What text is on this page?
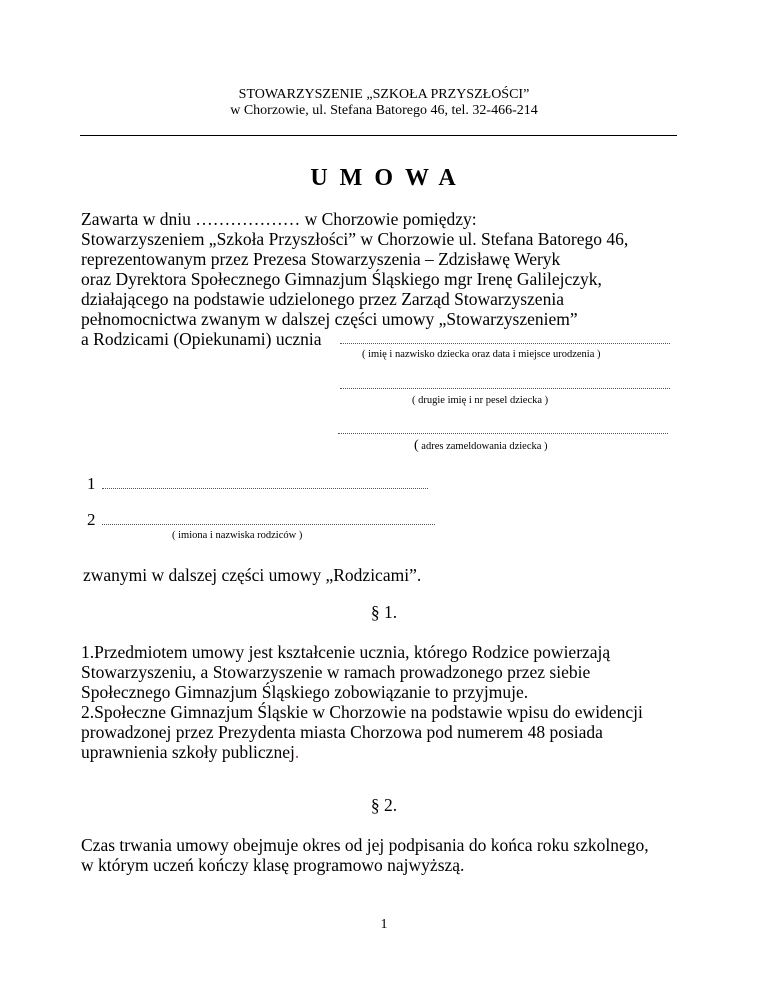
STOWARZYSZENIE „SZKOŁA PRZYSZŁOŚCI”
w Chorzowie, ul. Stefana Batorego 46, tel. 32-466-214
UMOWA
Zawarta w dniu ……………… w Chorzowie pomiędzy:
Stowarzyszeniem „Szkoła Przyszłości” w Chorzowie ul. Stefana Batorego 46,
reprezentowanym przez Prezesa Stowarzyszenia – Zdzisławę Weryk
oraz Dyrektora Społecznego Gimnazjum Śląskiego mgr Irenę Galilejczyk,
działającego na podstawie udzielonego przez Zarząd Stowarzyszenia
pełnomocnictwa zwanym w dalszej części umowy „Stowarzyszeniem”
a Rodzicami (Opiekunami) ucznia
( imię i nazwisko dziecka oraz data i miejsce urodzenia )
( drugie imię i nr pesel dziecka )
( adres zameldowania dziecka )
1
2
( imiona i nazwiska rodziców )
zwanymi w dalszej części umowy „Rodzicami”.
§ 1.
1.Przedmiotem umowy jest kształcenie ucznia, którego Rodzice powierzają
Stowarzyszeniu, a Stowarzyszenie w ramach prowadzonego przez siebie
Społecznego Gimnazjum Śląskiego zobowiązanie to przyjmuje.
2.Społeczne Gimnazjum Śląskie w Chorzowie na podstawie wpisu do ewidencji
prowadzonej przez Prezydenta miasta Chorzowa pod numerem 48 posiada
uprawnienia szkoły publicznej.
§ 2.
Czas trwania umowy obejmuje okres od jej podpisania do końca roku szkolnego,
w którym uczeń kończy klasę programowo najwyższą.
1
